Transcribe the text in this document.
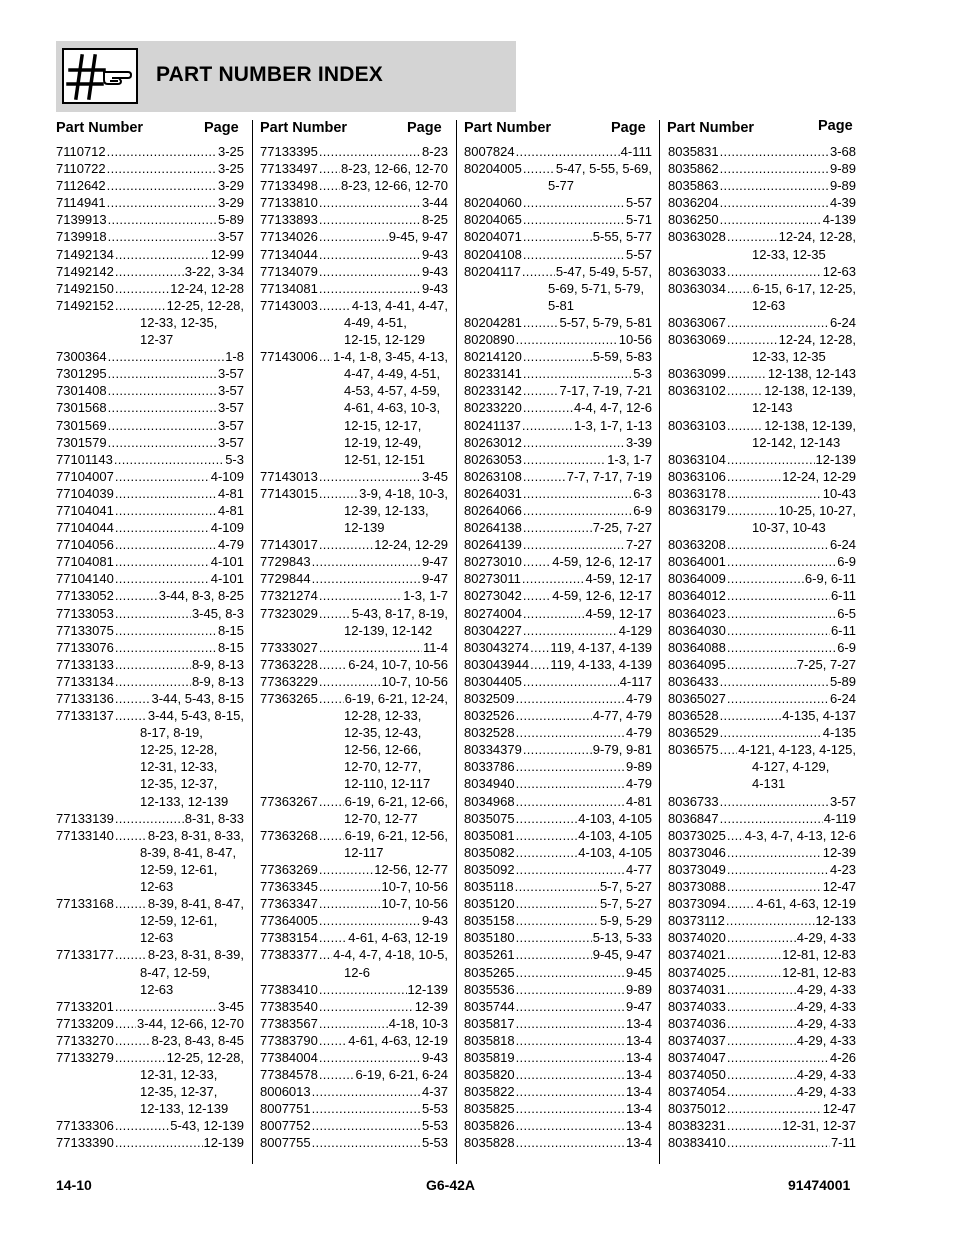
PART NUMBER INDEX
Part Number	Page Part Number	Page Part Number	Page Part Number	Page
7110712 .....	3-25
7110722 .....	3-25
7112642 .....	3-29
7114941 .....	3-29
7139913 .....	5-89
7139918 .....	3-57
71492134 .....	12-99
71492142 .....	3-22, 3-34
71492150 .....	12-24, 12-28
71492152 .....	12-25, 12-28,
12-33, 12-35,
12-37
7300364 .....	1-8
7301295 .....	3-57
7301408 .....	3-57
7301568 .....	3-57
7301569 .....	3-57
7301579 .....	3-57
77101143 .....	5-3
77104007 .....	4-109
77104039 .....	4-81
77104041 .....	4-81
77104044 .....	4-109
77104056 .....	4-79
77104081 .....	4-101
77104140 .....	4-101
77133052 .....	3-44, 8-3, 8-25
77133053 .....	3-45, 8-3
77133075 .....	8-15
77133076 .....	8-15
77133133 .....	8-9, 8-13
77133134 .....	8-9, 8-13
77133136 .....	3-44, 5-43, 8-15
77133137 .....	3-44, 5-43, 8-15,
8-17, 8-19,
12-25, 12-28,
12-31, 12-33,
12-35, 12-37,
12-133, 12-139
77133139 .....	8-31, 8-33
77133140 .....	8-23, 8-31, 8-33,
8-39, 8-41, 8-47,
12-59, 12-61,
12-63
77133168 .....	8-39, 8-41, 8-47,
12-59, 12-61,
12-63
77133177 .....	8-23, 8-31, 8-39,
8-47, 12-59,
12-63
77133201 .....	3-45
77133209 ..... 3-44, 12-66, 12-70
77133270 .....	8-23, 8-43, 8-45
77133279 .....	12-25, 12-28,
12-31, 12-33,
12-35, 12-37,
12-133, 12-139
77133306 .....	5-43, 12-139
77133390 .....	12-139
77133395 .....	8-23
77133497 ..... 8-23, 12-66, 12-70
77133498 ..... 8-23, 12-66, 12-70
77133810 .....	3-44
77133893 .....	8-25
77134026 .....	9-45, 9-47
77134044 .....	9-43
77134079 .....	9-43
77134081 .....	9-43
77143003 .....	4-13, 4-41, 4-47,
4-49, 4-51,
12-15, 12-129
77143006 ..... 1-4, 1-8, 3-45, 4-13,
4-47, 4-49, 4-51,
4-53, 4-57, 4-59,
4-61, 4-63, 10-3,
12-15, 12-17,
12-19, 12-49,
12-51, 12-151
77143013 .....	3-45
77143015 .....	3-9, 4-18, 10-3,
12-39, 12-133,
12-139
77143017 .....	12-24, 12-29
7729843 .....	9-47
7729844 .....	9-47
77321274 .....	1-3, 1-7
77323029 .....	5-43, 8-17, 8-19,
12-139, 12-142
77333027 .....	11-4
77363228 ..... 6-24, 10-7, 10-56
77363229 .....	10-7, 10-56
77363265 ..... 6-19, 6-21, 12-24,
12-28, 12-33,
12-35, 12-43,
12-56, 12-66,
12-70, 12-77,
12-110, 12-117
77363267 ..... 6-19, 6-21, 12-66,
12-70, 12-77
77363268 ..... 6-19, 6-21, 12-56,
12-117
77363269 .....	12-56, 12-77
77363345 .....	10-7, 10-56
77363347 .....	10-7, 10-56
77364005 .....	9-43
77383154 ..... 4-61, 4-63, 12-19
77383377 ..... 4-4, 4-7, 4-18, 10-5,
12-6
77383410 .....	12-139
77383540 .....	12-39
77383567 .....	4-18, 10-3
77383790 ..... 4-61, 4-63, 12-19
77384004 .....	9-43
77384578 .....	6-19, 6-21, 6-24
8006013 .....	4-37
8007751 .....	5-53
8007752 .....	5-53
8007755 .....	5-53
8007824 .....	4-111
80204005 .....	5-47, 5-55, 5-69,
5-77
80204060 .....	5-57
80204065 .....	5-71
80204071 .....	5-55, 5-77
80204108 .....	5-57
80204117 .....	5-47, 5-49, 5-57,
5-69, 5-71, 5-79,
5-81
80204281 .....	5-57, 5-79, 5-81
8020890 .....	10-56
80214120 .....	5-59, 5-83
80233141 .....	5-3
80233142 .....	7-17, 7-19, 7-21
80233220 .....	4-4, 4-7, 12-6
80241137 .....	1-3, 1-7, 1-13
80263012 .....	3-39
80263053 .....	1-3, 1-7
80263108 .....	7-7, 7-17, 7-19
80264031 .....	6-3
80264066 .....	6-9
80264138 .....	7-25, 7-27
80264139 .....	7-27
80273010 ..... 4-59, 12-6, 12-17
80273011 .....	4-59, 12-17
80273042 ..... 4-59, 12-6, 12-17
80274004 .....	4-59, 12-17
80304227 .....	4-129
803043274 ..... 119, 4-137, 4-139
803043944 ..... 119, 4-133, 4-139
80304405 .....	4-117
8032509 .....	4-79
8032526 .....	4-77, 4-79
8032528 .....	4-79
80334379 .....	9-79, 9-81
8033786 .....	9-89
8034940 .....	4-79
8034968 .....	4-81
8035075 .....	4-103, 4-105
8035081 .....	4-103, 4-105
8035082 .....	4-103, 4-105
8035092 .....	4-77
8035118 .....	5-7, 5-27
8035120 .....	5-7, 5-27
8035158 .....	5-9, 5-29
8035180 .....	5-13, 5-33
8035261 .....	9-45, 9-47
8035265 .....	9-45
8035536 .....	9-89
8035744 .....	9-47
8035817 .....	13-4
8035818 .....	13-4
8035819 .....	13-4
8035820 .....	13-4
8035822 .....	13-4
8035825 .....	13-4
8035826 .....	13-4
8035828 .....	13-4
8035831 .....	3-68
8035862 .....	9-89
8035863 .....	9-89
8036204 .....	4-39
8036250 .....	4-139
80363028 .....	12-24, 12-28,
12-33, 12-35
80363033 .....	12-63
80363034 ..... 6-15, 6-17, 12-25,
12-63
80363067 .....	6-24
80363069 .....	12-24, 12-28,
12-33, 12-35
80363099 .....	12-138, 12-143
80363102 .....	12-138, 12-139,
12-143
80363103 .....	12-138, 12-139,
12-142, 12-143
80363104 .....	12-139
80363106 .....	12-24, 12-29
80363178 .....	10-43
80363179 .....	10-25, 10-27,
10-37, 10-43
80363208 .....	6-24
80364001 .....	6-9
80364009 .....	6-9, 6-11
80364012 .....	6-11
80364023 .....	6-5
80364030 .....	6-11
80364088 .....	6-9
80364095 .....	7-25, 7-27
8036433 .....	5-89
80365027 .....	6-24
8036528 .....	4-135, 4-137
8036529 .....	4-135
8036575 ..... 4-121, 4-123, 4-125,
4-127, 4-129,
4-131
8036733 .....	3-57
8036847 .....	4-119
80373025 ..... 4-3, 4-7, 4-13, 12-6
80373046 .....	12-39
80373049 .....	4-23
80373088 .....	12-47
80373094 ..... 4-61, 4-63, 12-19
80373112 .....	12-133
80374020 .....	4-29, 4-33
80374021 .....	12-81, 12-83
80374025 .....	12-81, 12-83
80374031 .....	4-29, 4-33
80374033 .....	4-29, 4-33
80374036 .....	4-29, 4-33
80374037 .....	4-29, 4-33
80374047 .....	4-26
80374050 .....	4-29, 4-33
80374054 .....	4-29, 4-33
80375012 .....	12-47
80383231 .....	12-31, 12-37
80383410 .....	7-11
14-10	G6-42A	91474001
